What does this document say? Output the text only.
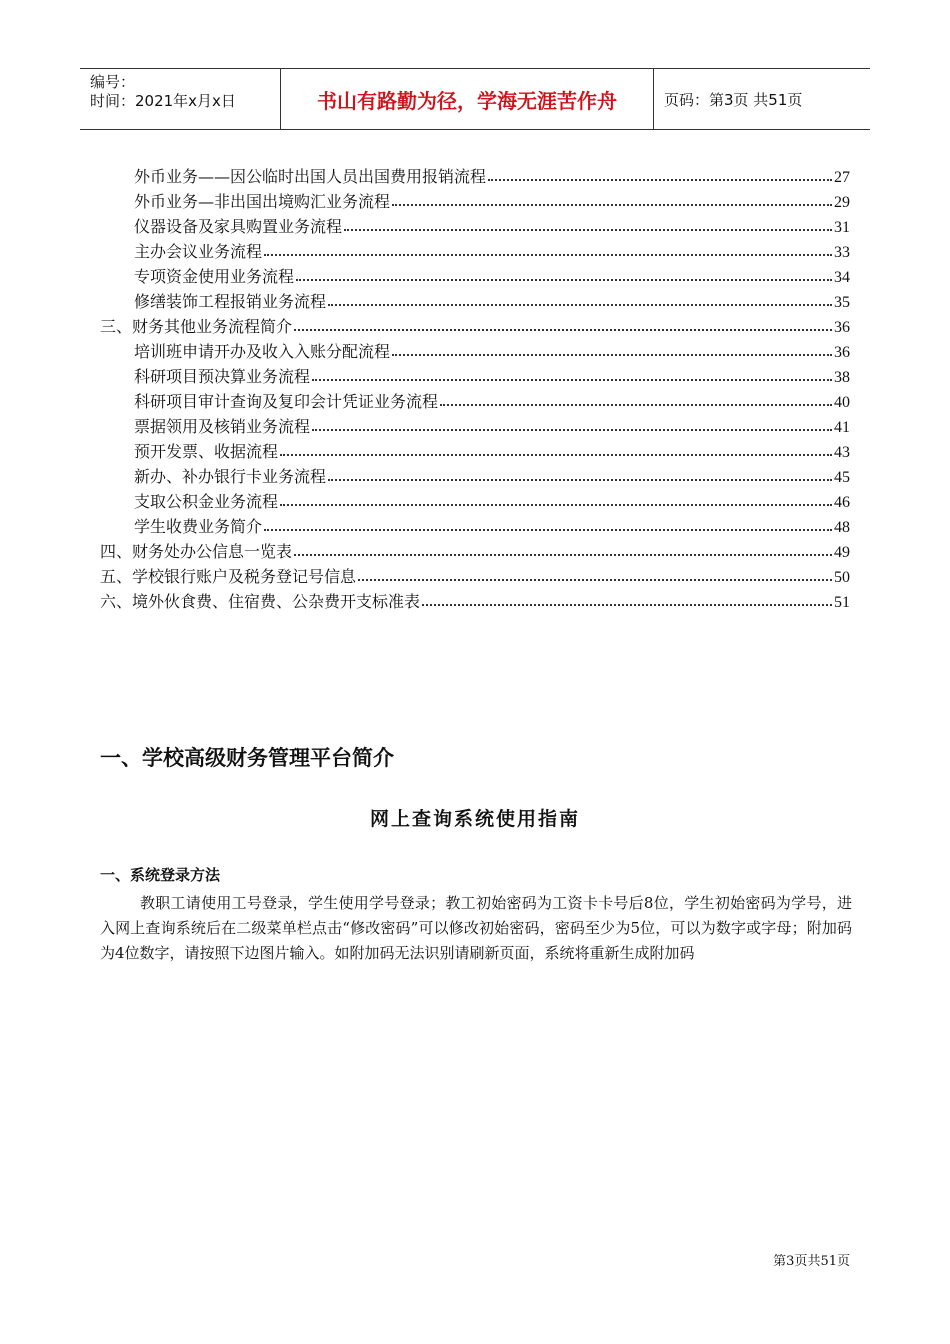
编号：
时间：2021年x月x日	书山有路勤为径，学海无涯苦作舟	页码：第3页 共51页
外币业务——因公临时出国人员出国费用报销流程	27
外币业务—非出国出境购汇业务流程	29
仪器设备及家具购置业务流程	31
主办会议业务流程	33
专项资金使用业务流程	34
修缮装饰工程报销业务流程	35
三、财务其他业务流程简介	36
培训班申请开办及收入入账分配流程	36
科研项目预决算业务流程	38
科研项目审计查询及复印会计凭证业务流程	40
票据领用及核销业务流程	41
预开发票、收据流程	43
新办、补办银行卡业务流程	45
支取公积金业务流程	46
学生收费业务简介	48
四、财务处办公信息一览表	49
五、学校银行账户及税务登记号信息	50
六、境外伙食费、住宿费、公杂费开支标准表	51
一、学校高级财务管理平台简介
网上查询系统使用指南
一、系统登录方法
教职工请使用工号登录，学生使用学号登录；教工初始密码为工资卡卡号后8位，学生初始密码为学号，进入网上查询系统后在二级菜单栏点击“修改密码”可以修改初始密码，密码至少为5位，可以为数字或字母；附加码为4位数字，请按照下边图片输入。如附加码无法识别请刷新页面，系统将重新生成附加码
第3页共51页
